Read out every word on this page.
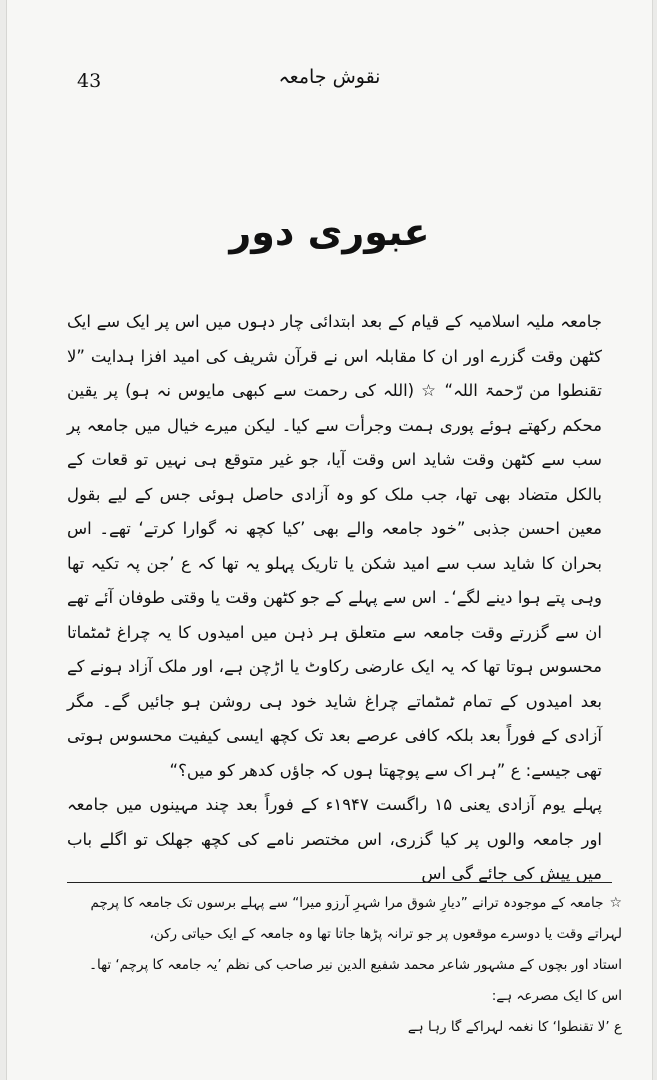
43	نقوش جامعہ
عبوری دور

جامعہ ملیہ اسلامیہ کے قیام کے بعد ابتدائی چار دہوں میں اس پر ایک سے ایک کٹھن وقت گزرے اور ان کا مقابلہ اس نے قرآن شریف کی امید افزا ہدایت ”لا تقنطوا من رّحمۃ اللہ“ ☆ (اللہ کی رحمت سے کبھی مایوس نہ ہو) پر یقین محکم رکھتے ہوئے پوری ہمت وجرأت سے کیا۔ لیکن میرے خیال میں جامعہ پر سب سے کٹھن وقت شاید اس وقت آیا، جو غیر متوقع ہی نہیں تو قعات کے بالکل متضاد بھی تھا، جب ملک کو وہ آزادی حاصل ہوئی جس کے لیے بقول معین احسن جذبی ”خود جامعہ والے بھی ’کیا کچھ نہ گوارا کرتے‘ تھے۔ اس بحران کا شاید سب سے امید شکن یا تاریک پہلو یہ تھا کہ ع ’جن پہ تکیہ تھا وہی پتے ہوا دینے لگے‘۔ اس سے پہلے کے جو کٹھن وقت یا وقتی طوفان آئے تھے ان سے گزرتے وقت جامعہ سے متعلق ہر ذہن میں امیدوں کا یہ چراغ ٹمٹماتا محسوس ہوتا تھا کہ یہ ایک عارضی رکاوٹ یا اڑچن ہے، اور ملک آزاد ہونے کے بعد امیدوں کے تمام ٹمٹماتے چراغ شاید خود ہی روشن ہو جائیں گے۔ مگر آزادی کے فوراً بعد بلکہ کافی عرصے بعد تک کچھ ایسی کیفیت محسوس ہوتی تھی جیسے: ع ”ہر اک سے پوچھتا ہوں کہ جاؤں کدھر کو میں؟“

پہلے یوم آزادی یعنی ۱۵ راگست ۱۹۴۷ء کے فوراً بعد چند مہینوں میں جامعہ اور جامعہ والوں پر کیا گزری، اس مختصر نامے کی کچھ جھلک تو اگلے باب میں پیش کی جائے گی اس

☆جامعہ کے موجودہ ترانے ”دیارِ شوق مرا شہرِ آرزو میرا“ سے پہلے برسوں تک جامعہ کا پرچم لہراتے وقت یا دوسرے موقعوں پر جو ترانہ پڑھا جاتا تھا وہ جامعہ کے ایک حیاتی رکن،

استاد اور بچوں کے مشہور شاعر محمد شفیع الدین نیر صاحب کی نظم ’یہ جامعہ کا پرچم‘ تھا۔ اس کا ایک مصرعہ ہے:

ع ’لا تقنطوا‘ کا نغمہ لہراکے گا رہا ہے
